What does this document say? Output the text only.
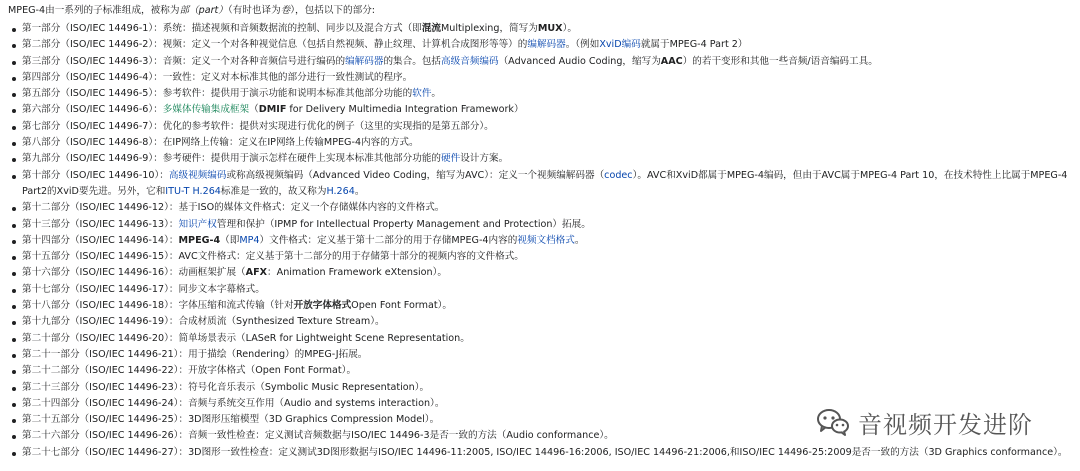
MPEG-4由一系列的子标准组成，被称为部（part）（有时也译为卷），包括以下的部分:
第一部分（ISO/IEC 14496-1）：系统：描述视频和音频数据流的控制、同步以及混合方式（即混流Multiplexing，简写为MUX）。
第二部分（ISO/IEC 14496-2）：视频：定义一个对各种视觉信息（包括自然视频、静止纹理、计算机合成图形等等）的编解码器。（例如XviD编码就属于MPEG-4 Part 2）
第三部分（ISO/IEC 14496-3）：音频：定义一个对各种音频信号进行编码的编解码器的集合。包括高级音频编码（Advanced Audio Coding，缩写为AAC）的若干变形和其他一些音频/语音编码工具。
第四部分（ISO/IEC 14496-4）：一致性：定义对本标准其他的部分进行一致性测试的程序。
第五部分（ISO/IEC 14496-5）：参考软件：提供用于演示功能和说明本标准其他部分功能的软件。
第六部分（ISO/IEC 14496-6）：多媒体传输集成框架（DMIF for Delivery Multimedia Integration Framework）
第七部分（ISO/IEC 14496-7）：优化的参考软件：提供对实现进行优化的例子（这里的实现指的是第五部分）。
第八部分（ISO/IEC 14496-8）：在IP网络上传输：定义在IP网络上传输MPEG-4内容的方式。
第九部分（ISO/IEC 14496-9）：参考硬件：提供用于演示怎样在硬件上实现本标准其他部分功能的硬件设计方案。
第十部分（ISO/IEC 14496-10）：高级视频编码或称高级视频编码（Advanced Video Coding，缩写为AVC）：定义一个视频编解码器（codec）。AVC和XviD都属于MPEG-4编码，但由于AVC属于MPEG-4 Part 10，在技术特性上比属于MPEG-4 Part2的XviD要先进。另外，它和ITU-T H.264标准是一致的，故又称为H.264。
第十二部分（ISO/IEC 14496-12）：基于ISO的媒体文件格式：定义一个存储媒体内容的文件格式。
第十三部分（ISO/IEC 14496-13）：知识产权管理和保护（IPMP for Intellectual Property Management and Protection）拓展。
第十四部分（ISO/IEC 14496-14）：MPEG-4（即MP4）文件格式：定义基于第十二部分的用于存储MPEG-4内容的视频文档格式。
第十五部分（ISO/IEC 14496-15）：AVC文件格式：定义基于第十二部分的用于存储第十部分的视频内容的文件格式。
第十六部分（ISO/IEC 14496-16）：动画框架扩展（AFX：Animation Framework eXtension）。
第十七部分（ISO/IEC 14496-17）：同步文本字幕格式。
第十八部分（ISO/IEC 14496-18）：字体压缩和流式传输（针对开放字体格式Open Font Format）。
第十九部分（ISO/IEC 14496-19）：合成材质流（Synthesized Texture Stream）。
第二十部分（ISO/IEC 14496-20）：简单场景表示（LASeR for Lightweight Scene Representation。
第二十一部分（ISO/IEC 14496-21）：用于描绘（Rendering）的MPEG-J拓展。
第二十二部分（ISO/IEC 14496-22）：开放字体格式（Open Font Format）。
第二十三部分（ISO/IEC 14496-23）：符号化音乐表示（Symbolic Music Representation）。
第二十四部分（ISO/IEC 14496-24）：音频与系统交互作用（Audio and systems interaction）。
第二十五部分（ISO/IEC 14496-25）：3D图形压缩模型（3D Graphics Compression Model）。
第二十六部分（ISO/IEC 14496-26）：音频一致性检查：定义测试音频数据与ISO/IEC 14496-3是否一致的方法（Audio conformance）。
第二十七部分（ISO/IEC 14496-27）：3D图形一致性检查：定义测试3D图形数据与ISO/IEC 14496-11:2005, ISO/IEC 14496-16:2006, ISO/IEC 14496-21:2006,和ISO/IEC 14496-25:2009是否一致的方法（3D Graphics conformance）。
音视频开发进阶
